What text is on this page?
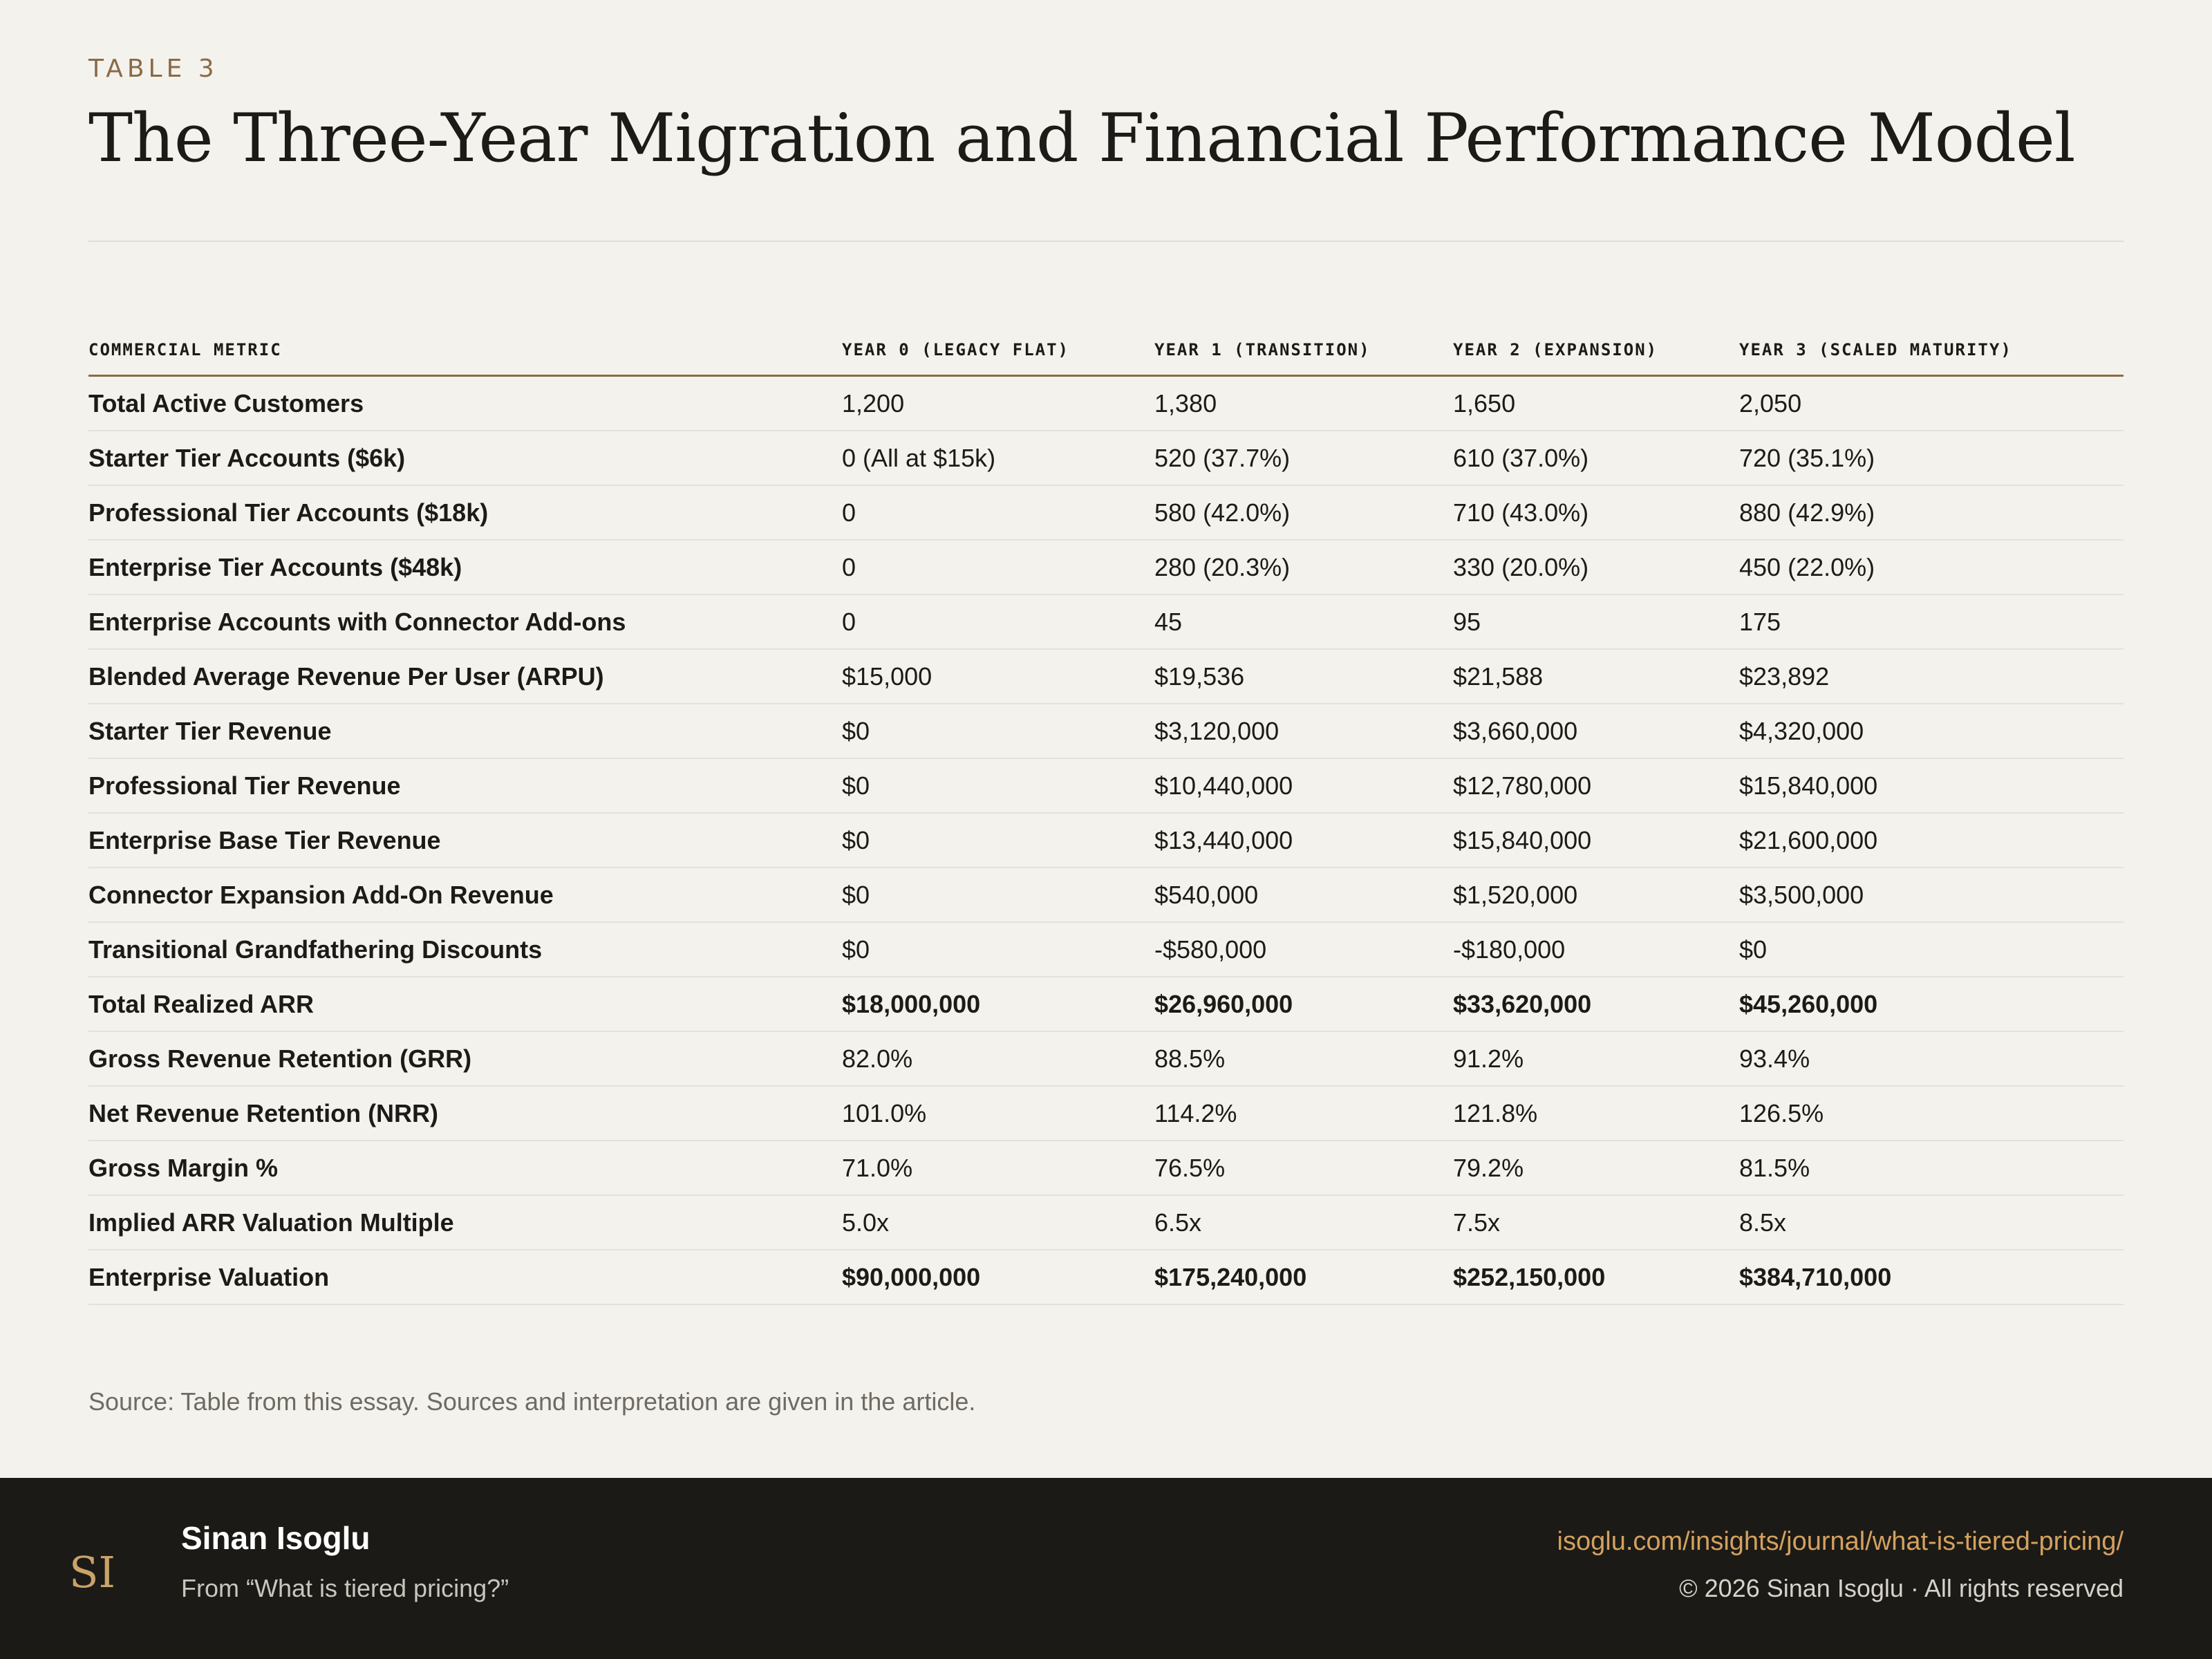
TABLE 3
The Three-Year Migration and Financial Performance Model
COMMERCIAL METRIC	YEAR 0 (LEGACY FLAT)	YEAR 1 (TRANSITION)	YEAR 2 (EXPANSION)	YEAR 3 (SCALED MATURITY)
Total Active Customers	1,200	1,380	1,650	2,050
Starter Tier Accounts ($6k)	0 (All at $15k)	520 (37.7%)	610 (37.0%)	720 (35.1%)
Professional Tier Accounts ($18k)	0	580 (42.0%)	710 (43.0%)	880 (42.9%)
Enterprise Tier Accounts ($48k)	0	280 (20.3%)	330 (20.0%)	450 (22.0%)
Enterprise Accounts with Connector Add-ons	0	45	95	175
Blended Average Revenue Per User (ARPU)	$15,000	$19,536	$21,588	$23,892
Starter Tier Revenue	$0	$3,120,000	$3,660,000	$4,320,000
Professional Tier Revenue	$0	$10,440,000	$12,780,000	$15,840,000
Enterprise Base Tier Revenue	$0	$13,440,000	$15,840,000	$21,600,000
Connector Expansion Add-On Revenue	$0	$540,000	$1,520,000	$3,500,000
Transitional Grandfathering Discounts	$0	-$580,000	-$180,000	$0
Total Realized ARR	$18,000,000	$26,960,000	$33,620,000	$45,260,000
Gross Revenue Retention (GRR)	82.0%	88.5%	91.2%	93.4%
Net Revenue Retention (NRR)	101.0%	114.2%	121.8%	126.5%
Gross Margin %	71.0%	76.5%	79.2%	81.5%
Implied ARR Valuation Multiple	5.0x	6.5x	7.5x	8.5x
Enterprise Valuation	$90,000,000	$175,240,000	$252,150,000	$384,710,000
Source: Table from this essay. Sources and interpretation are given in the article.
SI
Sinan Isoglu
From “What is tiered pricing?”
isoglu.com/insights/journal/what-is-tiered-pricing/
© 2026 Sinan Isoglu · All rights reserved
